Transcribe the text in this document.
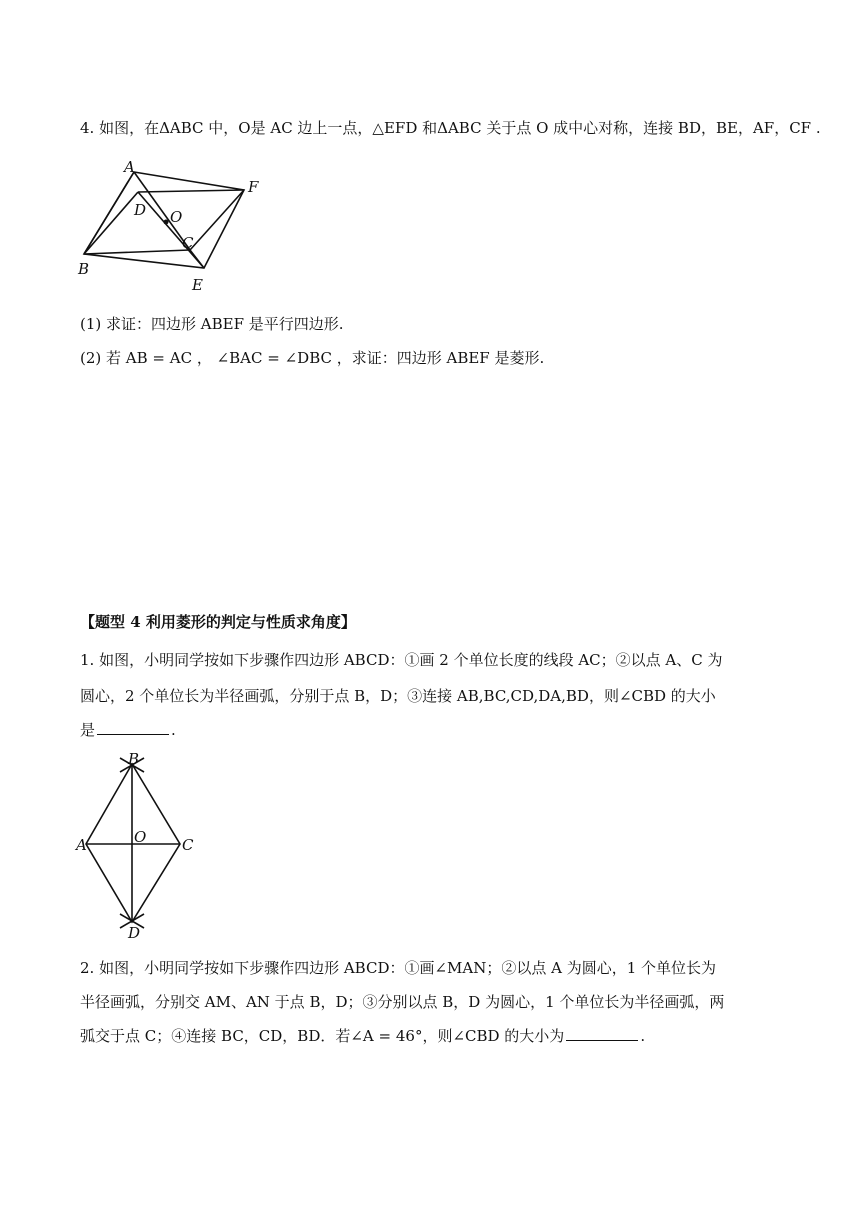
4. 如图，在ΔABC 中，O是 AC 边上一点，△EFD 和ΔABC 关于点 O 成中心对称，连接 BD，BE，AF，CF .
A
B
C
D
E
F
O
(1) 求证：四边形 ABEF 是平行四边形.
(2) 若 AB = AC ， ∠BAC = ∠DBC ，求证：四边形 ABEF 是菱形.
【题型 4 利用菱形的判定与性质求角度】
1. 如图，小明同学按如下步骤作四边形 ABCD：①画 2 个单位长度的线段 AC；②以点 A、C 为
圆心，2 个单位长为半径画弧，分别于点 B，D；③连接 AB,BC,CD,DA,BD，则∠CBD 的大小
是	.
B
A	C
O
D
2. 如图，小明同学按如下步骤作四边形 ABCD：①画∠MAN；②以点 A 为圆心，1 个单位长为
半径画弧，分别交 AM、AN 于点 B，D；③分别以点 B，D 为圆心，1 个单位长为半径画弧，两
弧交于点 C；④连接 BC，CD，BD．若∠A = 46°，则∠CBD 的大小为	.
